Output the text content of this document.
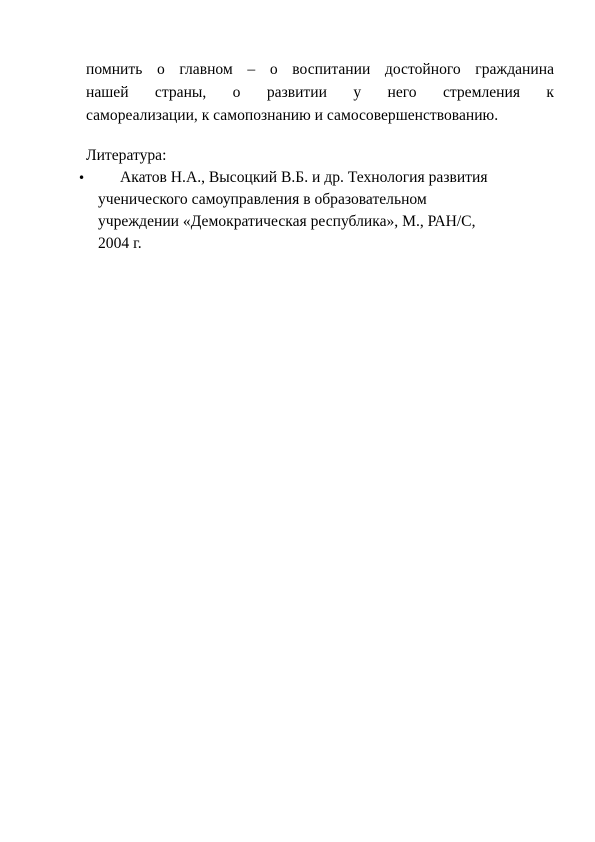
помнить о главном – о воспитании достойного гражданина
нашей страны, о развитии у него стремления к
самореализации, к самопознанию и самосовершенствованию.

Литература:

•	Акатов Н.А., Высоцкий В.Б. и др. Технология развития
ученического самоуправления в образовательном
учреждении «Демократическая республика», М., РАН/С,
2004 г.
